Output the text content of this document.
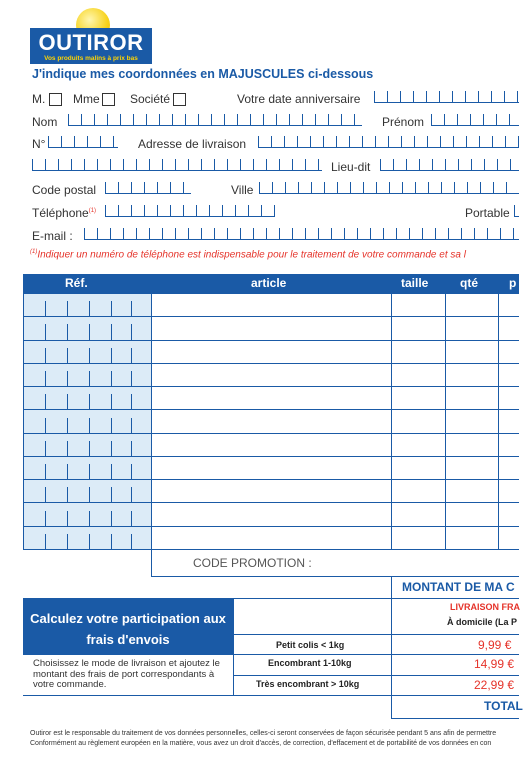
OUTIROR
Vos produits malins à prix bas
J'indique mes coordonnées en MAJUSCULES ci-dessous
M. Mme	Société	Votre date anniversaire
Nom	Prénom
N°	Adresse de livraison
Lieu-dit
Code postal	Ville
Téléphone$^{(1)}$	Portable
E-mail :
$^{(1)}$Indiquer un numéro de téléphone est indispensable pour le traitement de votre commande et sa l
Réf.	article	taille	qté	p
CODE PROMOTION :
MONTANT DE MA C
Calculez votre participation aux frais d'envois
Choisissez le mode de livraison et ajoutez le montant des frais de port correspondants à votre commande.
LIVRAISON FRA
À domicile (La P
Petit colis < 1kg	9,99 €
Encombrant 1-10kg	14,99 €
Très encombrant > 10kg	22,99 €
TOTAL
Outiror est le responsable du traitement de vos données personnelles, celles-ci seront conservées de façon sécurisée pendant 5 ans afin de permettre
Conformément au règlement européen en la matière, vous avez un droit d'accès, de correction, d'effacement et de portabilité de vos données en con
